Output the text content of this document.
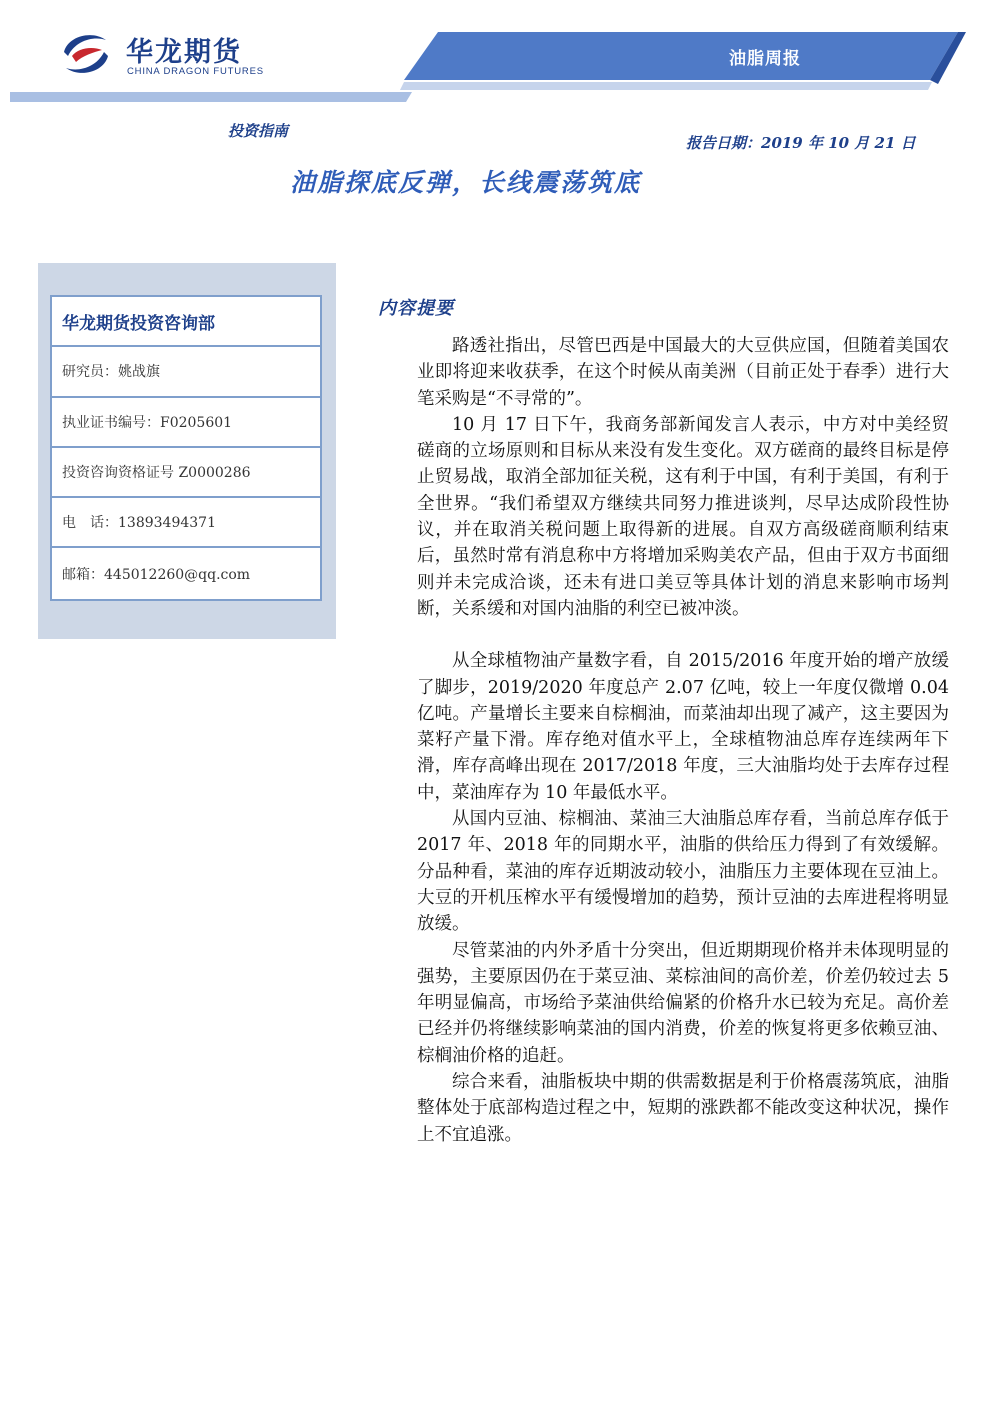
华龙期货
CHINA DRAGON FUTURES
油脂周报
投资指南
报告日期：2019 年 10 月 21 日
油脂探底反弹，长线震荡筑底
华龙期货投资咨询部
研究员：姚战旗
执业证书编号：F0205601
投资咨询资格证号 Z0000286
电　话：13893494371
邮箱：445012260@qq.com
内容提要

路透社指出，尽管巴西是中国最大的大豆供应国，但随着美国农业即将迎来收获季，在这个时候从南美洲（目前正处于春季）进行大笔采购是“不寻常的”。

10 月 17 日下午，我商务部新闻发言人表示，中方对中美经贸磋商的立场原则和目标从来没有发生变化。双方磋商的最终目标是停止贸易战，取消全部加征关税，这有利于中国，有利于美国，有利于全世界。“我们希望双方继续共同努力推进谈判，尽早达成阶段性协议，并在取消关税问题上取得新的进展。自双方高级磋商顺利结束后，虽然时常有消息称中方将增加采购美农产品，但由于双方书面细则并未完成洽谈，还未有进口美豆等具体计划的消息来影响市场判断，关系缓和对国内油脂的利空已被冲淡。

从全球植物油产量数字看，自 2015/2016 年度开始的增产放缓了脚步，2019/2020 年度总产 2.07 亿吨，较上一年度仅微增 0.04 亿吨。产量增长主要来自棕榈油，而菜油却出现了减产，这主要因为菜籽产量下滑。库存绝对值水平上，全球植物油总库存连续两年下滑，库存高峰出现在 2017/2018 年度，三大油脂均处于去库存过程中，菜油库存为 10 年最低水平。

从国内豆油、棕榈油、菜油三大油脂总库存看，当前总库存低于 2017 年、2018 年的同期水平，油脂的供给压力得到了有效缓解。分品种看，菜油的库存近期波动较小，油脂压力主要体现在豆油上。大豆的开机压榨水平有缓慢增加的趋势，预计豆油的去库进程将明显放缓。

尽管菜油的内外矛盾十分突出，但近期期现价格并未体现明显的强势，主要原因仍在于菜豆油、菜棕油间的高价差，价差仍较过去 5 年明显偏高，市场给予菜油供给偏紧的价格升水已较为充足。高价差已经并仍将继续影响菜油的国内消费，价差的恢复将更多依赖豆油、棕榈油价格的追赶。

综合来看，油脂板块中期的供需数据是利于价格震荡筑底，油脂整体处于底部构造过程之中，短期的涨跌都不能改变这种状况，操作上不宜追涨。
